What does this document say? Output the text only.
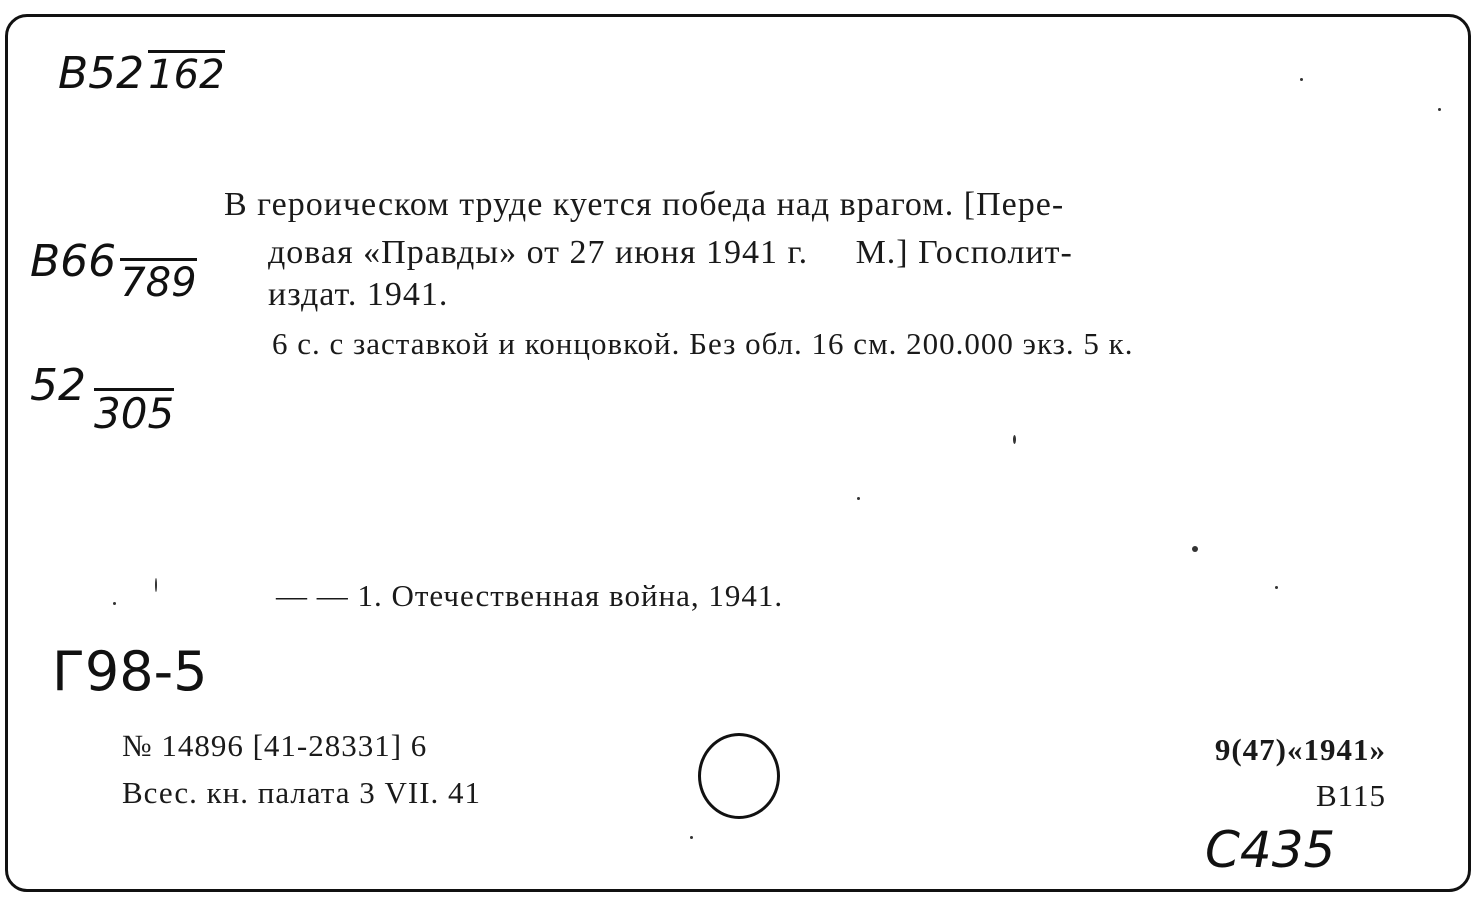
B52 162
B66 789
52305
Г98-5
С435
В героическом труде куется победа над врагом. [Пере-
довая «Правды» от 27 июня 1941 г.     М.] Госполит-
издат. 1941.
6 с. с заставкой и концовкой. Без обл. 16 см. 200.000 экз. 5 к.
— — 1. Отечественная война, 1941.
№ 14896 [41-28331] 6
Всес. кн. палата 3 VII. 41
9(47)«1941»
В115
